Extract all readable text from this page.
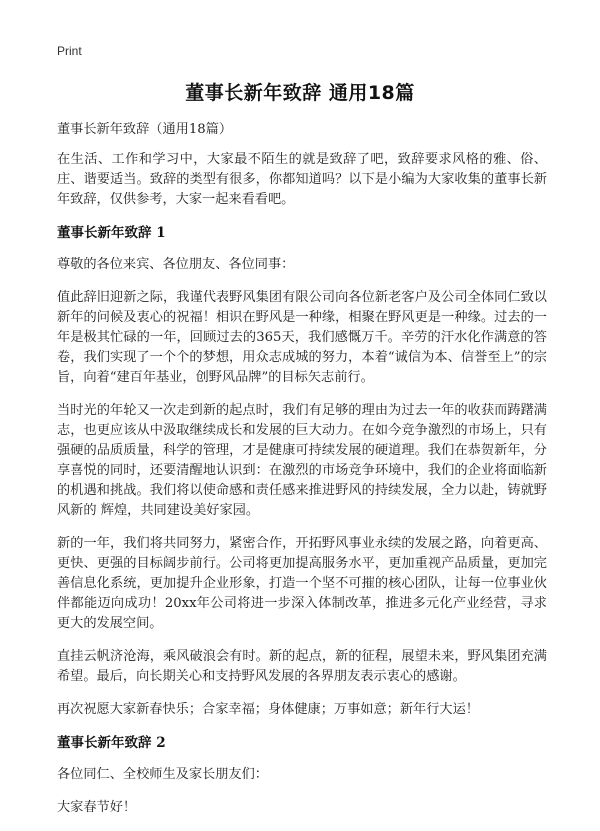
Print
董事长新年致辞 通用18篇

董事长新年致辞（通用18篇）

在生活、工作和学习中，大家最不陌生的就是致辞了吧，致辞要求风格的雅、俗、庄、谐要适当。致辞的类型有很多，你都知道吗？以下是小编为大家收集的董事长新年致辞，仅供参考，大家一起来看看吧。

董事长新年致辞 1

尊敬的各位来宾、各位朋友、各位同事：

值此辞旧迎新之际，我谨代表野风集团有限公司向各位新老客户及公司全体同仁致以新年的问候及衷心的祝福！相识在野风是一种缘，相聚在野风更是一种缘。过去的一年是极其忙碌的一年，回顾过去的365天，我们感慨万千。辛劳的汗水化作满意的答卷，我们实现了一个个的梦想，用众志成城的努力，本着“诚信为本、信誉至上”的宗旨，向着“建百年基业，创野风品牌”的目标矢志前行。

当时光的年轮又一次走到新的起点时，我们有足够的理由为过去一年的收获而踌躇满志，也更应该从中汲取继续成长和发展的巨大动力。在如今竞争激烈的市场上，只有强硬的品质质量，科学的管理，才是健康可持续发展的硬道理。我们在恭贺新年，分享喜悦的同时，还要清醒地认识到：在激烈的市场竞争环境中，我们的企业将面临新的机遇和挑战。我们将以使命感和责任感来推进野风的持续发展，全力以赴，铸就野风新的 辉煌，共同建设美好家园。

新的一年，我们将共同努力，紧密合作，开拓野风事业永续的发展之路，向着更高、更快、更强的目标阔步前行。公司将更加提高服务水平，更加重视产品质量，更加完善信息化系统，更加提升企业形象，打造一个坚不可摧的核心团队，让每一位事业伙伴都能迈向成功！20xx年公司将进一步深入体制改革，推进多元化产业经营，寻求更大的发展空间。

直挂云帆济沧海，乘风破浪会有时。新的起点，新的征程，展望未来，野风集团充满希望。最后，向长期关心和支持野风发展的各界朋友表示衷心的感谢。

再次祝愿大家新春快乐；合家幸福；身体健康；万事如意；新年行大运！

董事长新年致辞 2

各位同仁、全校师生及家长朋友们：

大家春节好！
